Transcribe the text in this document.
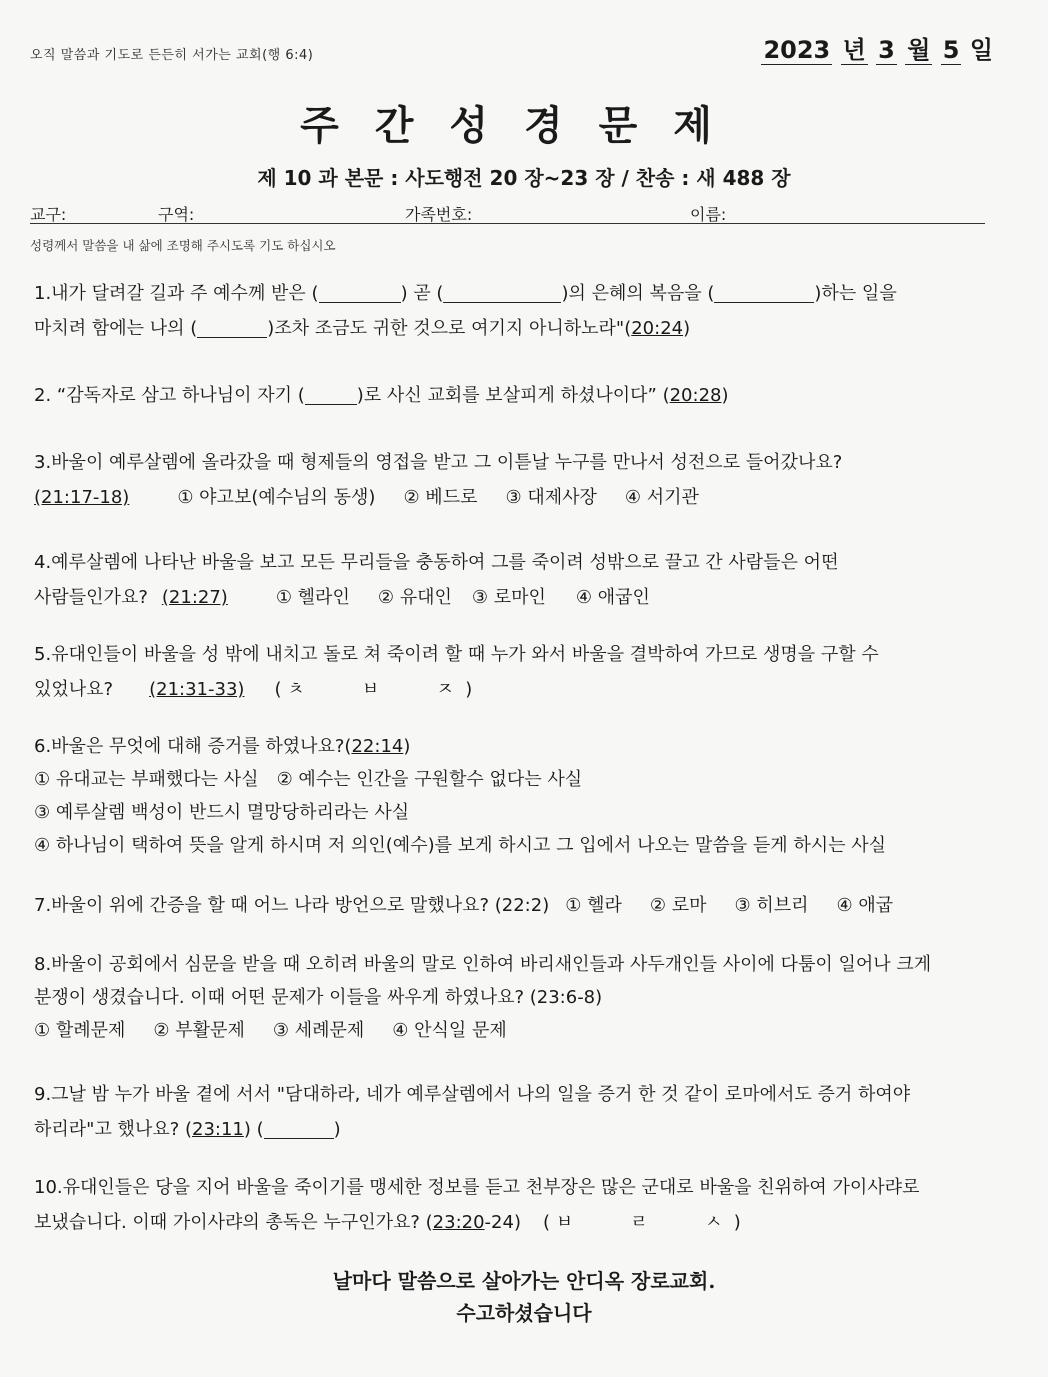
오직 말씀과 기도로 든든히 서가는 교회(행 6:4)	2023 년 3 월 5 일
주간성경문제
제 10 과 본문 : 사도행전 20 장~23 장 / 찬송 : 새 488 장
교구:	구역:	가족번호:	이름:
성령께서 말씀을 내 삶에 조명해 주시도록 기도 하십시오
1.내가 달려갈 길과 주 예수께 받은 (	) 곧 (	)의 은혜의 복음을 (	)하는 일을
마치려 함에는 나의 (	)조차 조금도 귀한 것으로 여기지 아니하노라"(20:24)
2. “감독자로 삼고 하나님이 자기 (	)로 사신 교회를 보살피게 하셨나이다” (20:28)
3.바울이 예루살렘에 올라갔을 때 형제들의 영접을 받고 그 이튿날 누구를 만나서 성전으로 들어갔나요?
(21:17-18)	① 야고보(예수님의 동생) ② 베드로 ③ 대제사장 ④ 서기관
4.예루살렘에 나타난 바울을 보고 모든 무리들을 충동하여 그를 죽이려 성밖으로 끌고 간 사람들은 어떤
사람들인가요? (21:27)	① 헬라인 ② 유대인 ③ 로마인 ④ 애굽인
5.유대인들이 바울을 성 밖에 내치고 돌로 쳐 죽이려 할 때 누가 와서 바울을 결박하여 가므로 생명을 구할 수
있었나요? (21:31-33) ( ㅊ          ㅂ          ㅈ  )
6.바울은 무엇에 대해 증거를 하였나요?(22:14)
① 유대교는 부패했다는 사실 ② 예수는 인간을 구원할수 없다는 사실
③ 예루살렘 백성이 반드시 멸망당하리라는 사실
④ 하나님이 택하여 뜻을 알게 하시며 저 의인(예수)를 보게 하시고 그 입에서 나오는 말씀을 듣게 하시는 사실
7.바울이 위에 간증을 할 때 어느 나라 방언으로 말했나요? (22:2) ① 헬라 ② 로마 ③ 히브리 ④ 애굽
8.바울이 공회에서 심문을 받을 때 오히려 바울의 말로 인하여 바리새인들과 사두개인들 사이에 다툼이 일어나 크게
분쟁이 생겼습니다. 이때 어떤 문제가 이들을 싸우게 하였나요? (23:6-8)
① 할례문제 ② 부활문제 ③ 세례문제 ④ 안식일 문제
9.그날 밤 누가 바울 곁에 서서 "담대하라, 네가 예루살렘에서 나의 일을 증거 한 것 같이 로마에서도 증거 하여야
하리라"고 했나요? (23:11) (	)
10.유대인들은 당을 지어 바울을 죽이기를 맹세한 정보를 듣고 천부장은 많은 군대로 바울을 친위하여 가이사랴로
보냈습니다. 이때 가이사랴의 총독은 누구인가요? (23:20-24) ( ㅂ          ㄹ          ㅅ  )
날마다 말씀으로 살아가는 안디옥 장로교회.
수고하셨습니다
